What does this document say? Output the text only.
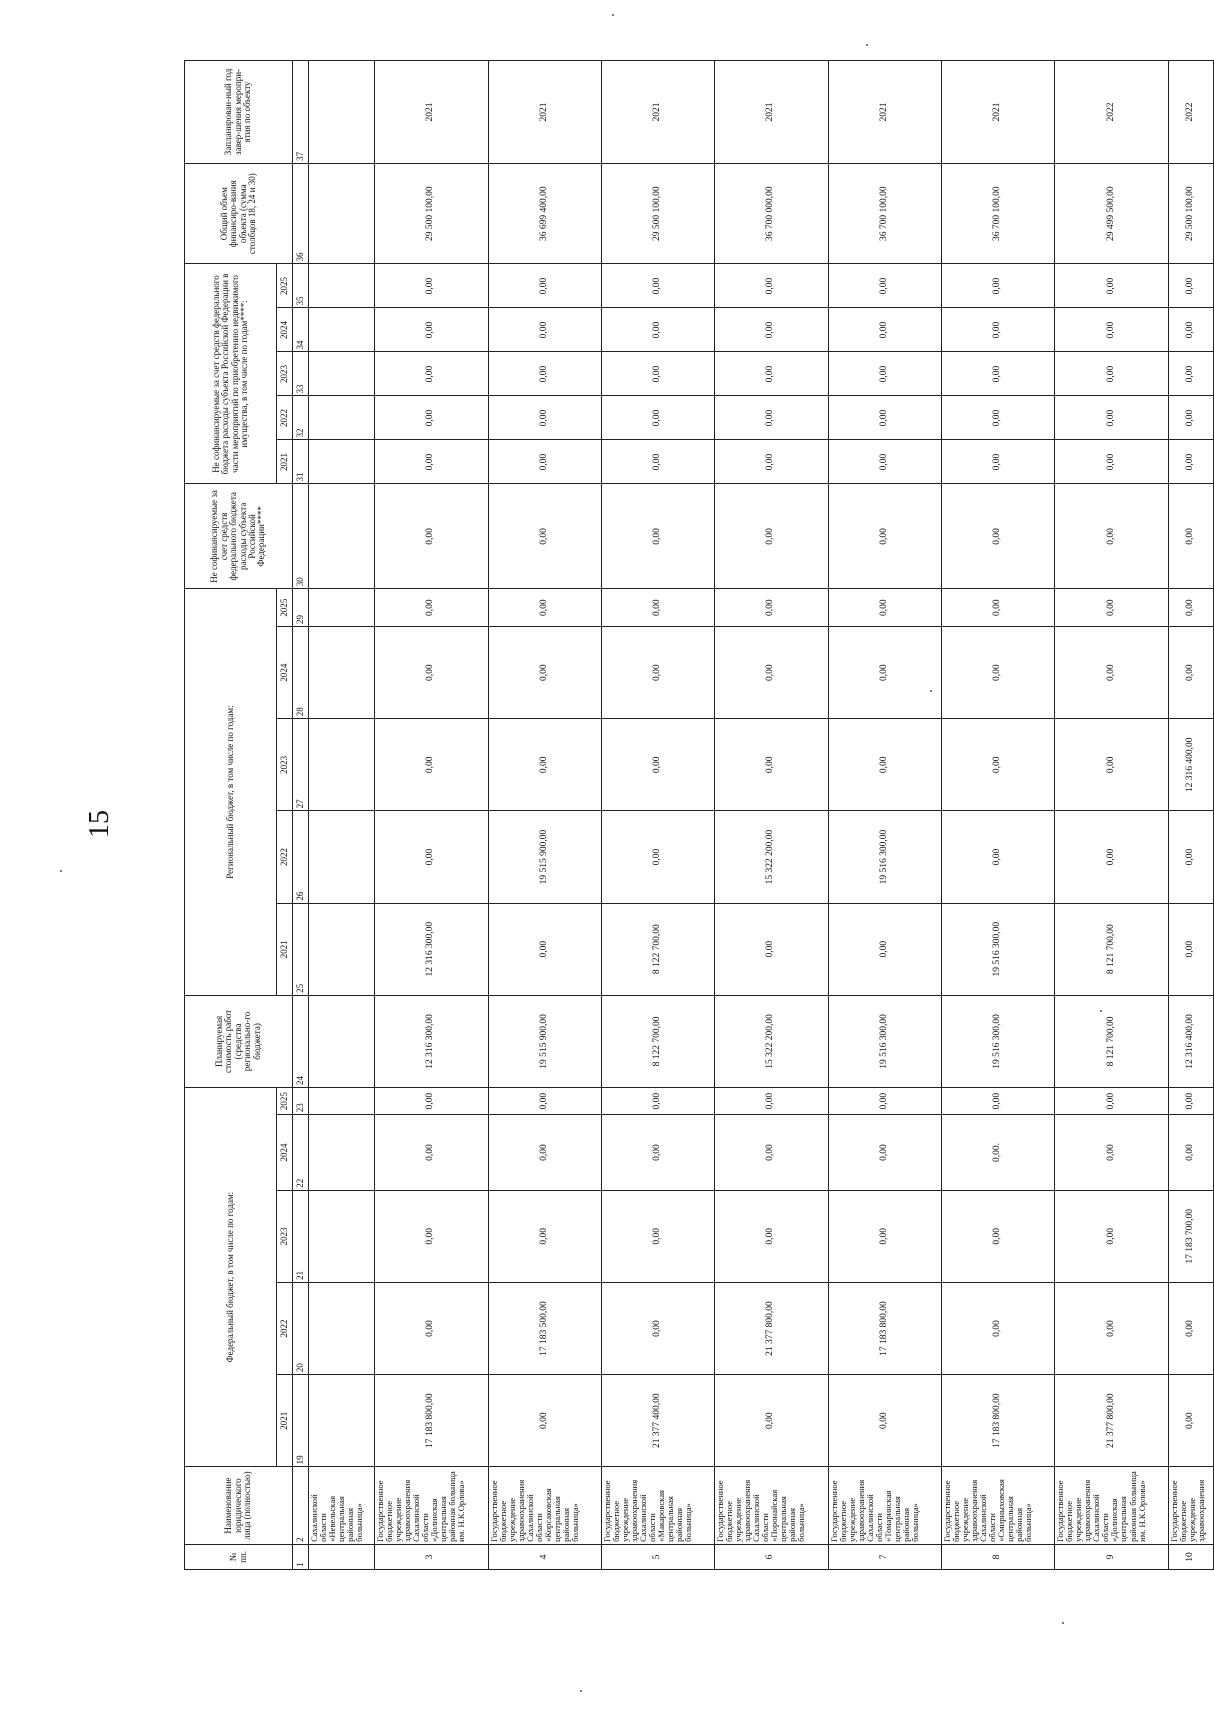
15
№ пп.	Наименование юридического лица (полностью)	Федеральный бюджет, в том числе по годам:					Планируемая стоимость работ (средства регионально-го бюджета)	Региональный бюджет, в том числе по годам:					Не софинансируемые за счет средств федерального бюджета расходы субъекта Российской Федерации****	Не софинансируемые за счет средств федерального бюджета расходы субъекта Российской Федерации в части мероприятий по приобретению недвижимого имущества, в том числе по годам****:					Общий объем финансиро-вания объекта (сумма столбцов 18, 24 и 30)	Запланирован-ный год завер-шения меропри-ятия по объекту
		2021	2022	2023	2024	2025		2021	2022	2023	2024	2025		2021	2022	2023	2024	2025		
1	2	19	20	21	22	23	24	25	26	27	28	29	30	31	32	33	34	35	36	37
	Сахалинской области «Невельская центральная районная больница»																			
3	Государственное бюджетное учреждение здравоохранения Сахалинской области «Долинская центральная районная больница им. Н.К.Орлова»	17 183 800,00	0,00	0,00	0,00	0,00	12 316 300,00	12 316 300,00	0,00	0,00	0,00	0,00	0,00	0,00	0,00	0,00	0,00	0,00	29 500 100,00	2021
4	Государственное бюджетное учреждение здравоохранения Сахалинской области «Корсаковская центральная районная больница»	0,00	17 183 500,00	0,00	0,00	0,00	19 515 900,00	0,00	19 515 900,00	0,00	0,00	0,00	0,00	0,00	0,00	0,00	0,00	0,00	36 699 400,00	2021
5	Государственное бюджетное учреждение здравоохранения Сахалинской области «Макаровская центральная районная больница»	21 377 400,00	0,00	0,00	0,00	0,00	8 122 700,00	8 122 700,00	0,00	0,00	0,00	0,00	0,00	0,00	0,00	0,00	0,00	0,00	29 500 100,00	2021
6	Государственное бюджетное учреждение здравоохранения Сахалинской области «Поронайская центральная районная больница»	0,00	21 377 800,00	0,00	0,00	0,00	15 322 200,00	0,00	15 322 200,00	0,00	0,00	0,00	0,00	0,00	0,00	0,00	0,00	0,00	36 700 000,00	2021
7	Государственное бюджетное учреждение здравоохранения Сахалинской области «Томаринская центральная районная больница»	0,00	17 183 800,00	0,00	0,00	0,00	19 516 300,00	0,00	19 516 300,00	0,00	0,00	0,00	0,00	0,00	0,00	0,00	0,00	0,00	36 700 100,00	2021
8	Государственное бюджетное учреждение здравоохранения Сахалинской области «Смирныховская центральная районная больница»	17 183 800,00	0,00	0,00	0,00.	0,00	19 516 300,00	19 516 300,00	0,00	0,00	0,00	0,00	0,00	0,00	0,00	0,00	0,00	0,00	36 700 100,00	2021
9	Государственное бюджетное учреждение здравоохранения Сахалинской области «Долинская центральная районная больница им. Н.К.Орлова»	21 377 800,00	0,00	0,00	0,00	0,00	8 121 700,00	8 121 700,00	0,00	0,00	0,00	0,00	0,00	0,00	0,00	0,00	0,00	0,00	29 499 500,00	2022
10	Государственное бюджетное учреждение здравоохранения	0,00	0,00	17 183 700,00	0,00	0,00	12 316 400,00	0,00	0,00	12 316 400,00	0,00	0,00	0,00	0,00	0,00	0,00	0,00	0,00	29 500 100,00	2022
